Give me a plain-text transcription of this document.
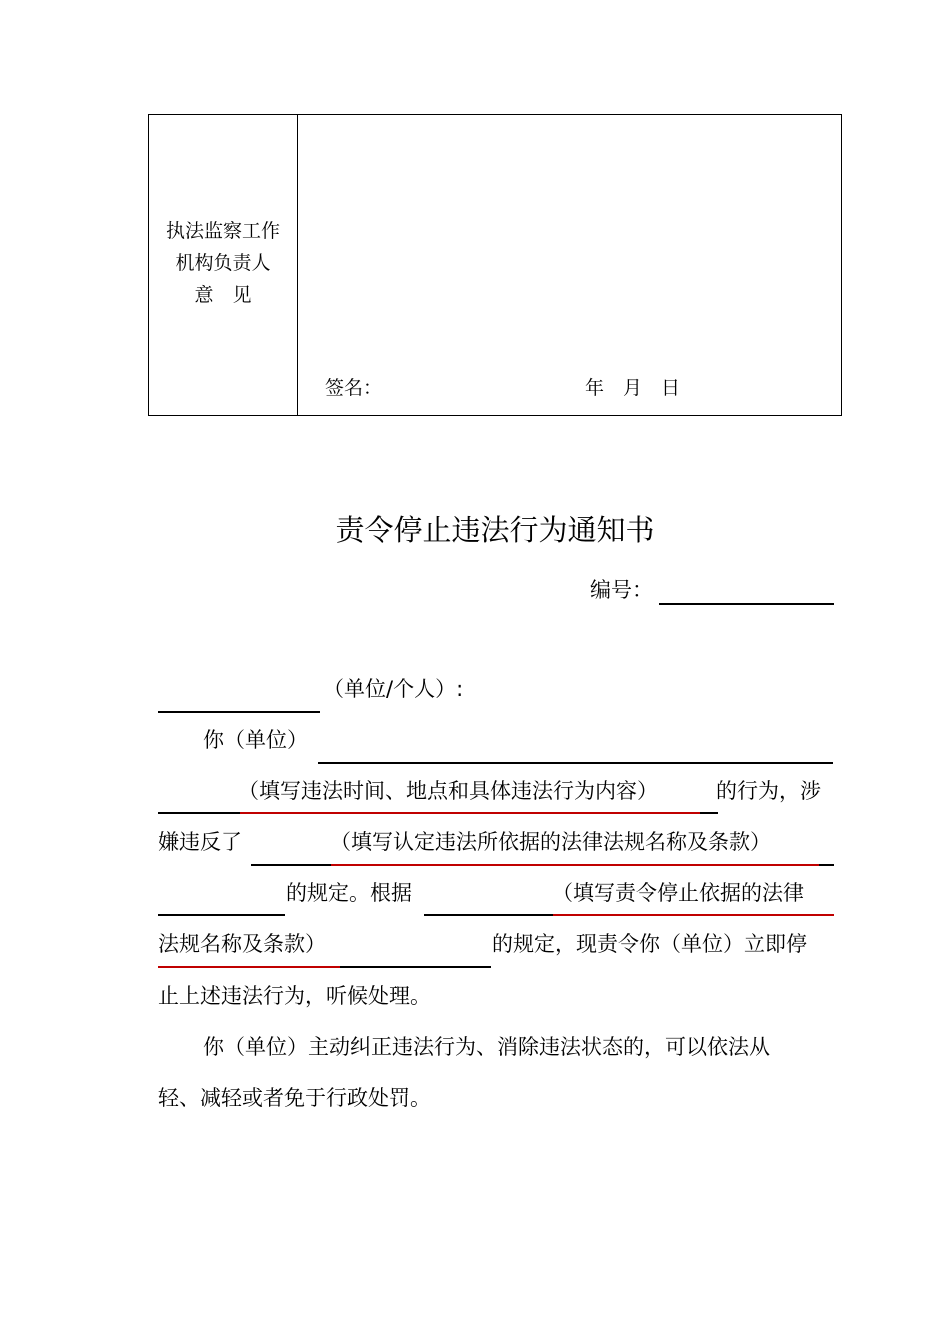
执法监察工作
机构负责人
意　见
签名：	年　月　日
责令停止违法行为通知书
编号：
（单位/个人）:
你（单位）
（填写违法时间、地点和具体违法行为内容）	的行为，涉
嫌违反了	（填写认定违法所依据的法律法规名称及条款）
的规定。根据	（填写责令停止依据的法律
法规名称及条款）	的规定，现责令你（单位）立即停
止上述违法行为，听候处理。
你（单位）主动纠正违法行为、消除违法状态的，可以依法从
轻、减轻或者免于行政处罚。
